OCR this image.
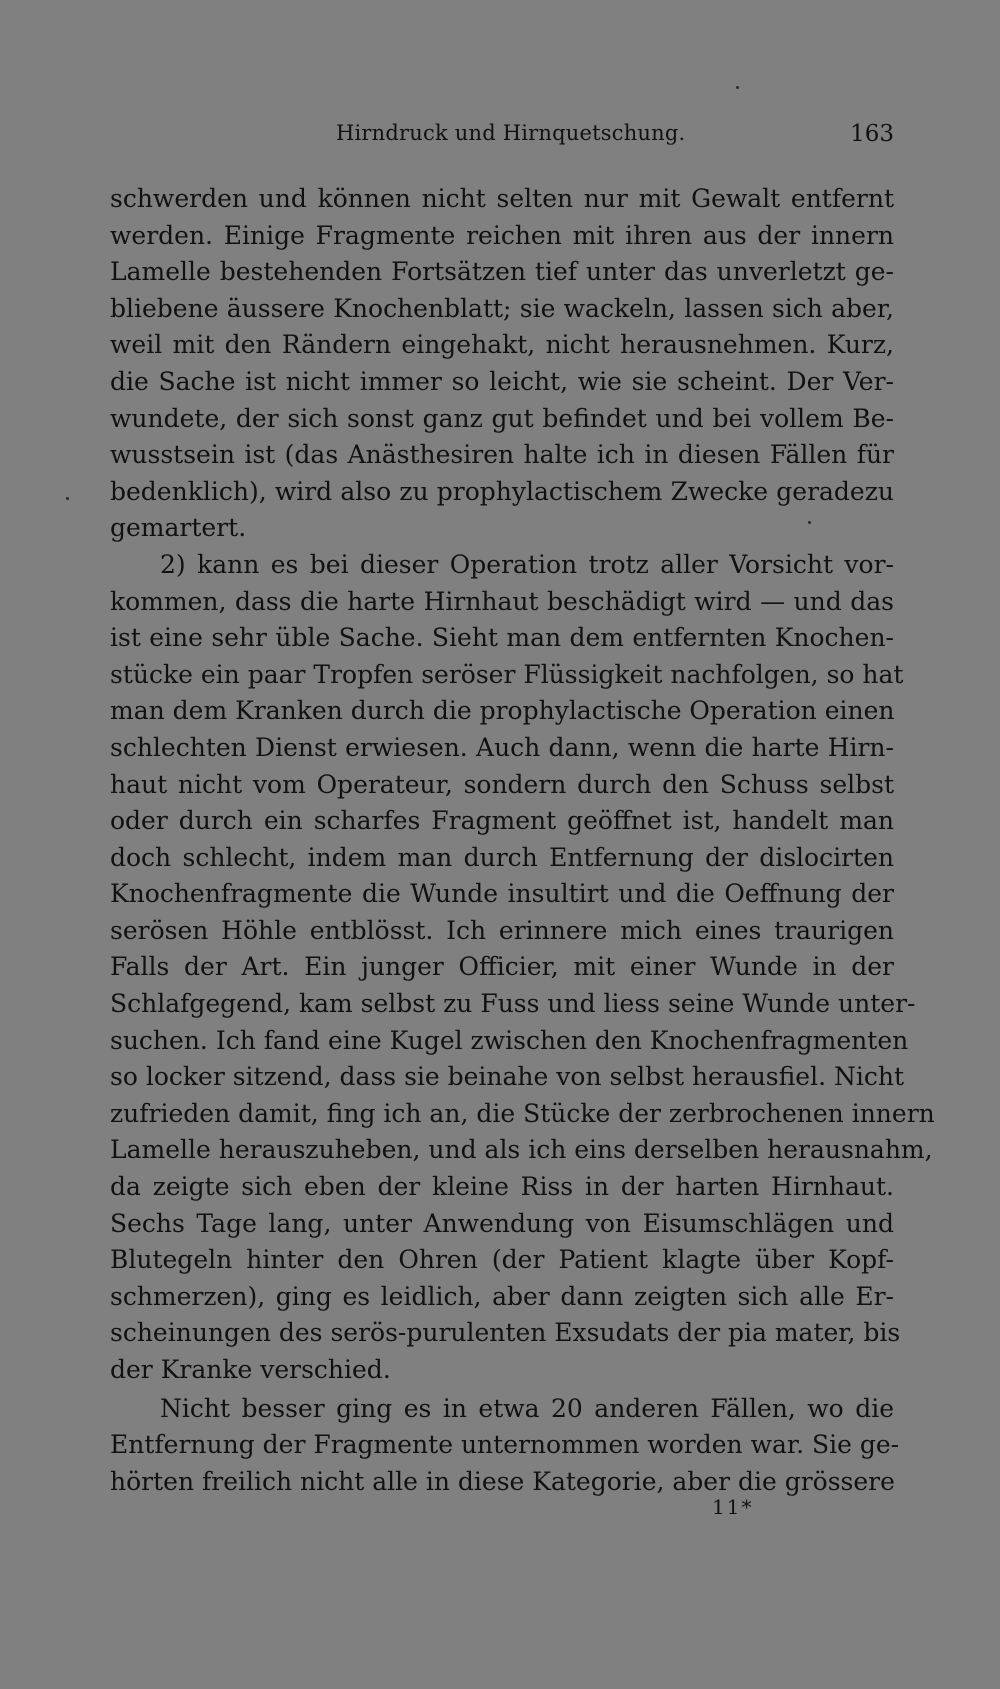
Hirndruck und Hirnquetschung.	163
schwerden und können nicht selten nur mit Gewalt entfernt
werden. Einige Fragmente reichen mit ihren aus der innern
Lamelle bestehenden Fortsätzen tief unter das unverletzt ge-
bliebene äussere Knochenblatt; sie wackeln, lassen sich aber,
weil mit den Rändern eingehakt, nicht herausnehmen. Kurz,
die Sache ist nicht immer so leicht, wie sie scheint. Der Ver-
wundete, der sich sonst ganz gut befindet und bei vollem Be-
wusstsein ist (das Anästhesiren halte ich in diesen Fällen für
bedenklich), wird also zu prophylactischem Zwecke geradezu
gemartert.
2) kann es bei dieser Operation trotz aller Vorsicht vor-
kommen, dass die harte Hirnhaut beschädigt wird — und das
ist eine sehr üble Sache. Sieht man dem entfernten Knochen-
stücke ein paar Tropfen seröser Flüssigkeit nachfolgen, so hat
man dem Kranken durch die prophylactische Operation einen
schlechten Dienst erwiesen. Auch dann, wenn die harte Hirn-
haut nicht vom Operateur, sondern durch den Schuss selbst
oder durch ein scharfes Fragment geöffnet ist, handelt man
doch schlecht, indem man durch Entfernung der dislocirten
Knochenfragmente die Wunde insultirt und die Oeffnung der
serösen Höhle entblösst. Ich erinnere mich eines traurigen
Falls der Art. Ein junger Officier, mit einer Wunde in der
Schlafgegend, kam selbst zu Fuss und liess seine Wunde unter-
suchen. Ich fand eine Kugel zwischen den Knochenfragmenten
so locker sitzend, dass sie beinahe von selbst herausfiel. Nicht
zufrieden damit, fing ich an, die Stücke der zerbrochenen innern
Lamelle herauszuheben, und als ich eins derselben herausnahm,
da zeigte sich eben der kleine Riss in der harten Hirnhaut.
Sechs Tage lang, unter Anwendung von Eisumschlägen und
Blutegeln hinter den Ohren (der Patient klagte über Kopf-
schmerzen), ging es leidlich, aber dann zeigten sich alle Er-
scheinungen des serös-purulenten Exsudats der pia mater, bis
der Kranke verschied.
Nicht besser ging es in etwa 20 anderen Fällen, wo die
Entfernung der Fragmente unternommen worden war. Sie ge-
hörten freilich nicht alle in diese Kategorie, aber die grössere
11*
